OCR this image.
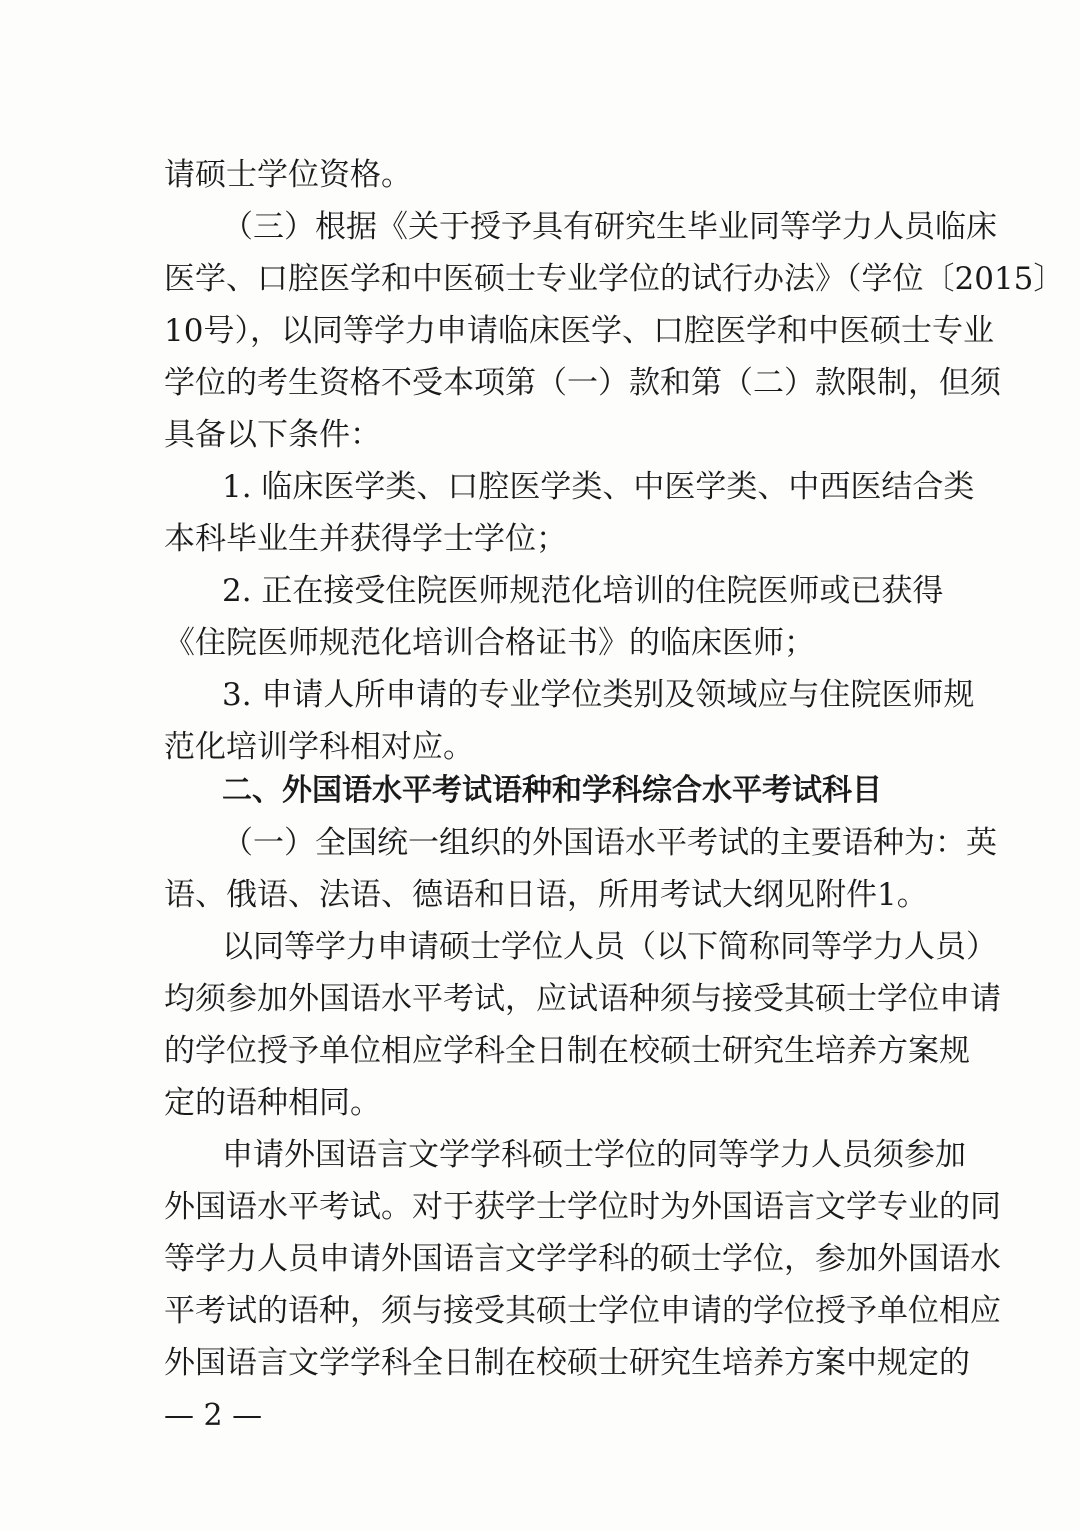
请硕士学位资格。
（三）根据《关于授予具有研究生毕业同等学力人员临床
医学、口腔医学和中医硕士专业学位的试行办法》（学位〔2015〕
10号），以同等学力申请临床医学、口腔医学和中医硕士专业
学位的考生资格不受本项第（一）款和第（二）款限制，但须
具备以下条件：
1. 临床医学类、口腔医学类、中医学类、中西医结合类
本科毕业生并获得学士学位；
2. 正在接受住院医师规范化培训的住院医师或已获得
《住院医师规范化培训合格证书》的临床医师；
3. 申请人所申请的专业学位类别及领域应与住院医师规
范化培训学科相对应。
二、外国语水平考试语种和学科综合水平考试科目
（一）全国统一组织的外国语水平考试的主要语种为：英
语、俄语、法语、德语和日语，所用考试大纲见附件1。
以同等学力申请硕士学位人员（以下简称同等学力人员）
均须参加外国语水平考试，应试语种须与接受其硕士学位申请
的学位授予单位相应学科全日制在校硕士研究生培养方案规
定的语种相同。
申请外国语言文学学科硕士学位的同等学力人员须参加
外国语水平考试。对于获学士学位时为外国语言文学专业的同
等学力人员申请外国语言文学学科的硕士学位，参加外国语水
平考试的语种，须与接受其硕士学位申请的学位授予单位相应
外国语言文学学科全日制在校硕士研究生培养方案中规定的
— 2 —
